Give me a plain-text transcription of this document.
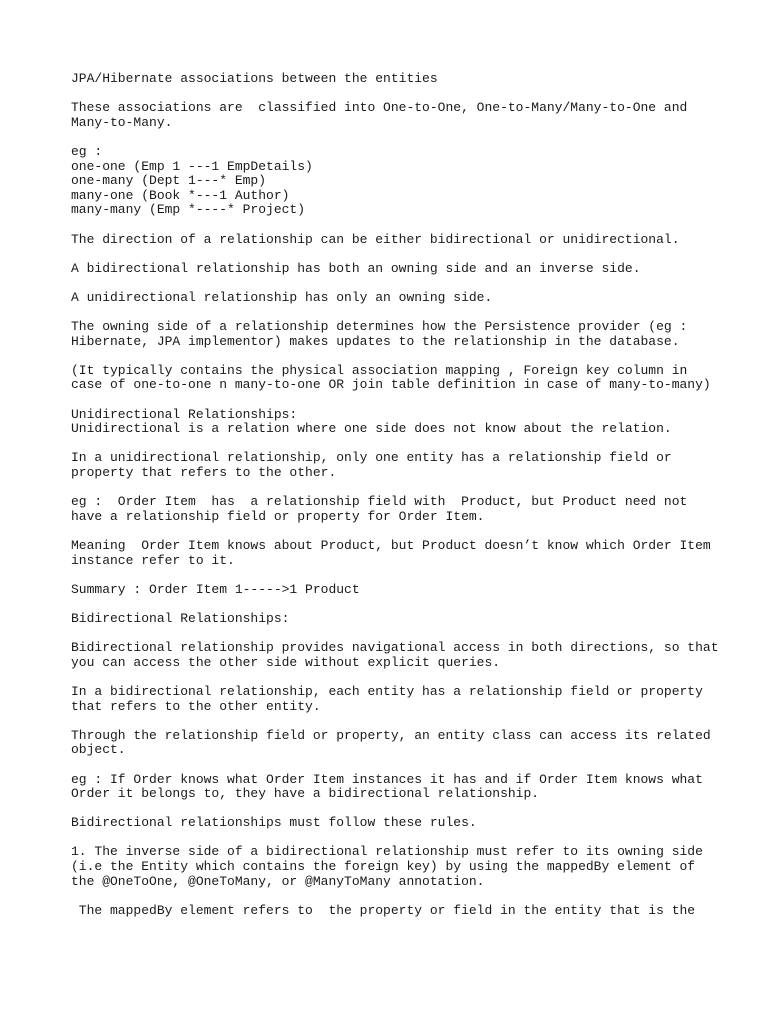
JPA/Hibernate associations between the entities

These associations are  classified into One-to-One, One-to-Many/Many-to-One and
Many-to-Many.

eg :
one-one (Emp 1 ---1 EmpDetails)
one-many (Dept 1---* Emp)
many-one (Book *---1 Author)
many-many (Emp *----* Project)

The direction of a relationship can be either bidirectional or unidirectional.

A bidirectional relationship has both an owning side and an inverse side.

A unidirectional relationship has only an owning side.

The owning side of a relationship determines how the Persistence provider (eg :
Hibernate, JPA implementor) makes updates to the relationship in the database.

(It typically contains the physical association mapping , Foreign key column in
case of one-to-one n many-to-one OR join table definition in case of many-to-many)

Unidirectional Relationships:
Unidirectional is a relation where one side does not know about the relation.

In a unidirectional relationship, only one entity has a relationship field or
property that refers to the other.

eg :  Order Item  has  a relationship field with  Product, but Product need not
have a relationship field or property for Order Item.

Meaning  Order Item knows about Product, but Product doesn’t know which Order Item
instance refer to it.

Summary : Order Item 1----->1 Product

Bidirectional Relationships:

Bidirectional relationship provides navigational access in both directions, so that
you can access the other side without explicit queries.

In a bidirectional relationship, each entity has a relationship field or property
that refers to the other entity.

Through the relationship field or property, an entity class can access its related
object.

eg : If Order knows what Order Item instances it has and if Order Item knows what
Order it belongs to, they have a bidirectional relationship.

Bidirectional relationships must follow these rules.

1. The inverse side of a bidirectional relationship must refer to its owning side
(i.e the Entity which contains the foreign key) by using the mappedBy element of
the @OneToOne, @OneToMany, or @ManyToMany annotation.

The mappedBy element refers to  the property or field in the entity that is the
